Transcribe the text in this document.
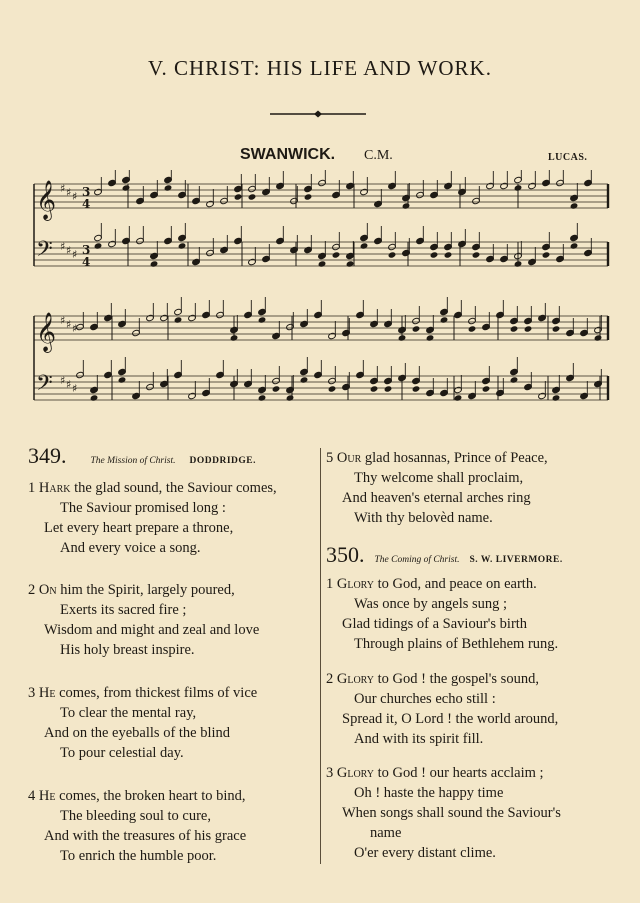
V. CHRIST: HIS LIFE AND WORK.
SWANWICK. C.M.	LUCAS.
𝄞 ♯ ♯ ♯ 3
4
𝄢 ♯ ♯ ♯ 3
4
𝄞 ♯ ♯ ♯
𝄢 ♯ ♯ ♯
349.	The Mission of Christ. DODDRIDGE.
1 Hark the glad sound, the Saviour comes,
The Saviour promised long :
Let every heart prepare a throne,
And every voice a song.
2 On him the Spirit, largely poured,
Exerts its sacred fire ;
Wisdom and might and zeal and love
His holy breast inspire.
3 He comes, from thickest films of vice
To clear the mental ray,
And on the eyeballs of the blind
To pour celestial day.
4 He comes, the broken heart to bind,
The bleeding soul to cure,
And with the treasures of his grace
To enrich the humble poor.
5 Our glad hosannas, Prince of Peace,
Thy welcome shall proclaim,
And heaven's eternal arches ring
With thy belovèd name.
350. The Coming of Christ. S. W. LIVERMORE.
1 Glory to God, and peace on earth.
Was once by angels sung ;
Glad tidings of a Saviour's birth
Through plains of Bethlehem rung.
2 Glory to God ! the gospel's sound,
Our churches echo still :
Spread it, O Lord ! the world around,
And with its spirit fill.
3 Glory to God ! our hearts acclaim ;
Oh ! haste the happy time
When songs shall sound the Saviour's
name
O'er every distant clime.
